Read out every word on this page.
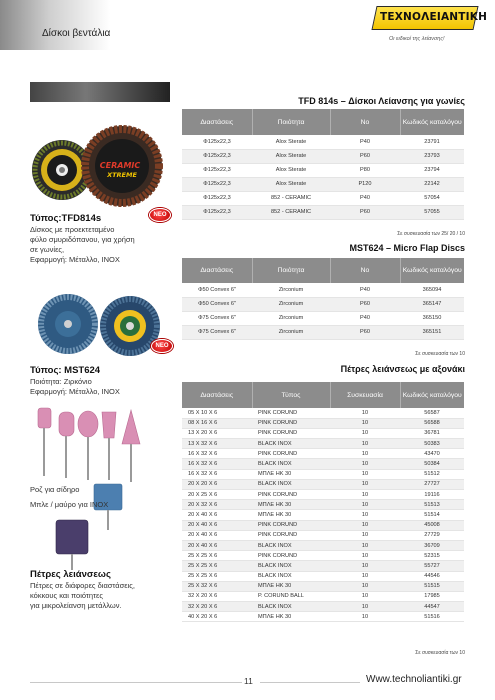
Δίσκοι βεντάλια
ΤΕΧΝΟΛΕΙΑΝΤΙΚΗ
Οι ειδικοί της λείανσης!
CERAMIC
XTREME
ΝΕΟ
Τύπος:TFD814s
Δίσκος με προεκτεταμένο
φύλο σμυριδόπανου, για χρήση
σε γωνίες,
Εφαρμογή: Μέταλλο, INOX
ΝΕΟ
Τύπος: MST624
Ποιότητα: Ζιρκόνιο
Εφαρμογή: Μέταλλο, INOX
Ροζ για σίδηρο
Μπλε / μαύρο για INOX
Πέτρες λειάνσεως
Πέτρες σε διάφορες διαστάσεις,
κόκκους και ποιότητες
για μικρολείανση μετάλλων.
TFD 814s – Δίσκοι Λείανσης για γωνίες
Διαστάσεις	Ποιότητα	Νο	Κωδικός καταλόγου
Φ125x22,3	Alox Sterate	P40	23791
Φ125x22,3	Alox Sterate	P60	23793
Φ125x22,3	Alox Sterate	P80	23794
Φ125x22,3	Alox Sterate	P120	22142
Φ125x22,3	852 - CERAMIC	P40	57054
Φ125x22,3	852 - CERAMIC	P60	57055
Σε συσκευασία των 25/ 20 / 10
MST624 – Micro Flap Discs
Διαστάσεις	Ποιότητα	Νο	Κωδικός καταλόγου
Φ50 Convex 6"	Zirconium	P40	365094
Φ50 Convex 6"	Zirconium	P60	365147
Φ75 Convex 6"	Zirconium	P40	365150
Φ75 Convex 6"	Zirconium	P60	365151
Σε συσκευασία των 10
Πέτρες λειάνσεως με αξονάκι
Διαστάσεις	Τύπος	Συσκευασία	Κωδικός καταλόγου
05 X 10 X 6	PINK CORUND	10	56587
08 X 16 X 6	PINK CORUND	10	56588
13 X 20 X 6	PINK CORUND	10	36781
13 X 32 X 6	BLACK INOX	10	50383
16 X 32 X 6	PINK CORUND	10	43470
16 X 32 X 6	BLACK INOX	10	50384
16 X 32 X 6	ΜΠΛΕ ΗΚ 30	10	51512
20 X 20 X 6	BLACK INOX	10	27727
20 X 25 X 6	PINK CORUND	10	19116
20 X 32 X 6	ΜΠΛΕ ΗΚ 30	10	51513
20 X 40 X 6	ΜΠΛΕ ΗΚ 30	10	51514
20 X 40 X 6	PINK CORUND	10	45008
20 X 40 X 6	PINK CORUND	10	27729
20 X 40 X 6	BLACK INOX	10	36709
25 X 25 X 6	PINK CORUND	10	52315
25 X 25 X 6	BLACK INOX	10	55727
25 X 25 X 6	BLACK INOX	10	44546
25 X 32 X 6	ΜΠΛΕ ΗΚ 30	10	51515
32 X 20 X 6	P. CORUND BALL	10	17985
32 X 20 X 6	BLACK INOX	10	44547
40 X 20 X 6	ΜΠΛΕ ΗΚ 30	10	51516
Σε συσκευασία των 10
11	Www.technoliantiki.gr
